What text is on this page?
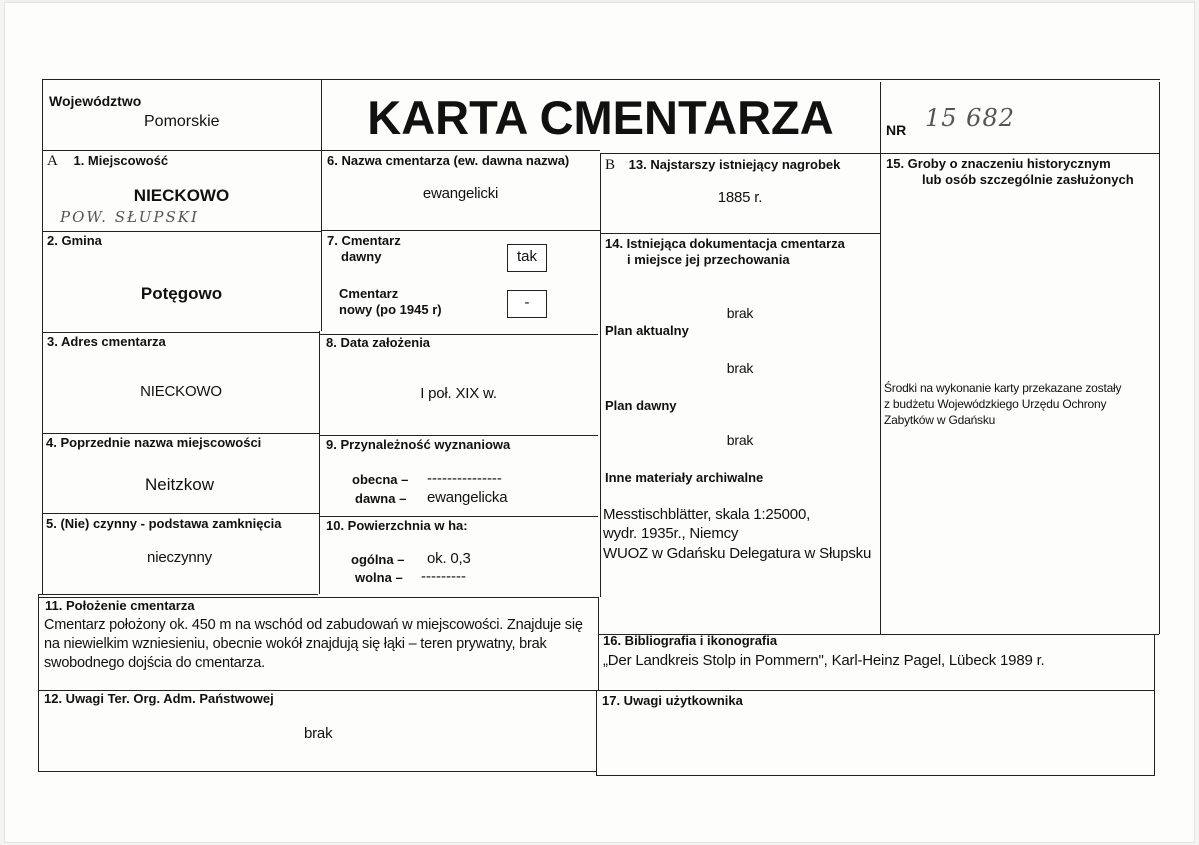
Województwo
Pomorskie	KARTA CMENTARZA	NR 15 682
A 1. Miejscowość
NIECKOWO
POW. SŁUPSKI
2. Gmina
Potęgowo
3. Adres cmentarza
NIECKOWO
4. Poprzednie nazwa miejscowości
Neitzkow
5. (Nie) czynny - podstawa zamknięcia
nieczynny
6. Nazwa cmentarza (ew. dawna nazwa)
ewangelicki
7. Cmentarz
dawny	tak
Cmentarz
nowy (po 1945 r)	-
8. Data założenia
I poł. XIX w.
9. Przynależność wyznaniowa
obecna – ---------------
dawna – ewangelicka
10. Powierzchnia w ha:
ogólna – ok. 0,3
wolna – ---------
B 13. Najstarszy istniejący nagrobek
1885 r.
14. Istniejąca dokumentacja cmentarza
i miejsce jej przechowania
brak
Plan aktualny
brak
Plan dawny
brak
Inne materiały archiwalne
Messtischblätter, skala 1:25000,
wydr. 1935r., Niemcy
WUOZ w Gdańsku Delegatura w Słupsku
15. Groby o znaczeniu historycznym
lub osób szczególnie zasłużonych
Środki na wykonanie karty przekazane zostały
z budżetu Wojewódzkiego Urzędu Ochrony
Zabytków w Gdańsku
11. Położenie cmentarza
Cmentarz położony ok. 450 m na wschód od zabudowań w miejscowości. Znajduje się
na niewielkim wzniesieniu, obecnie wokół znajdują się łąki – teren prywatny, brak
swobodnego dojścia do cmentarza.
16. Bibliografia i ikonografia
„Der Landkreis Stolp in Pommern", Karl-Heinz Pagel, Lübeck 1989 r.
12. Uwagi Ter. Org. Adm. Państwowej
brak
17. Uwagi użytkownika
